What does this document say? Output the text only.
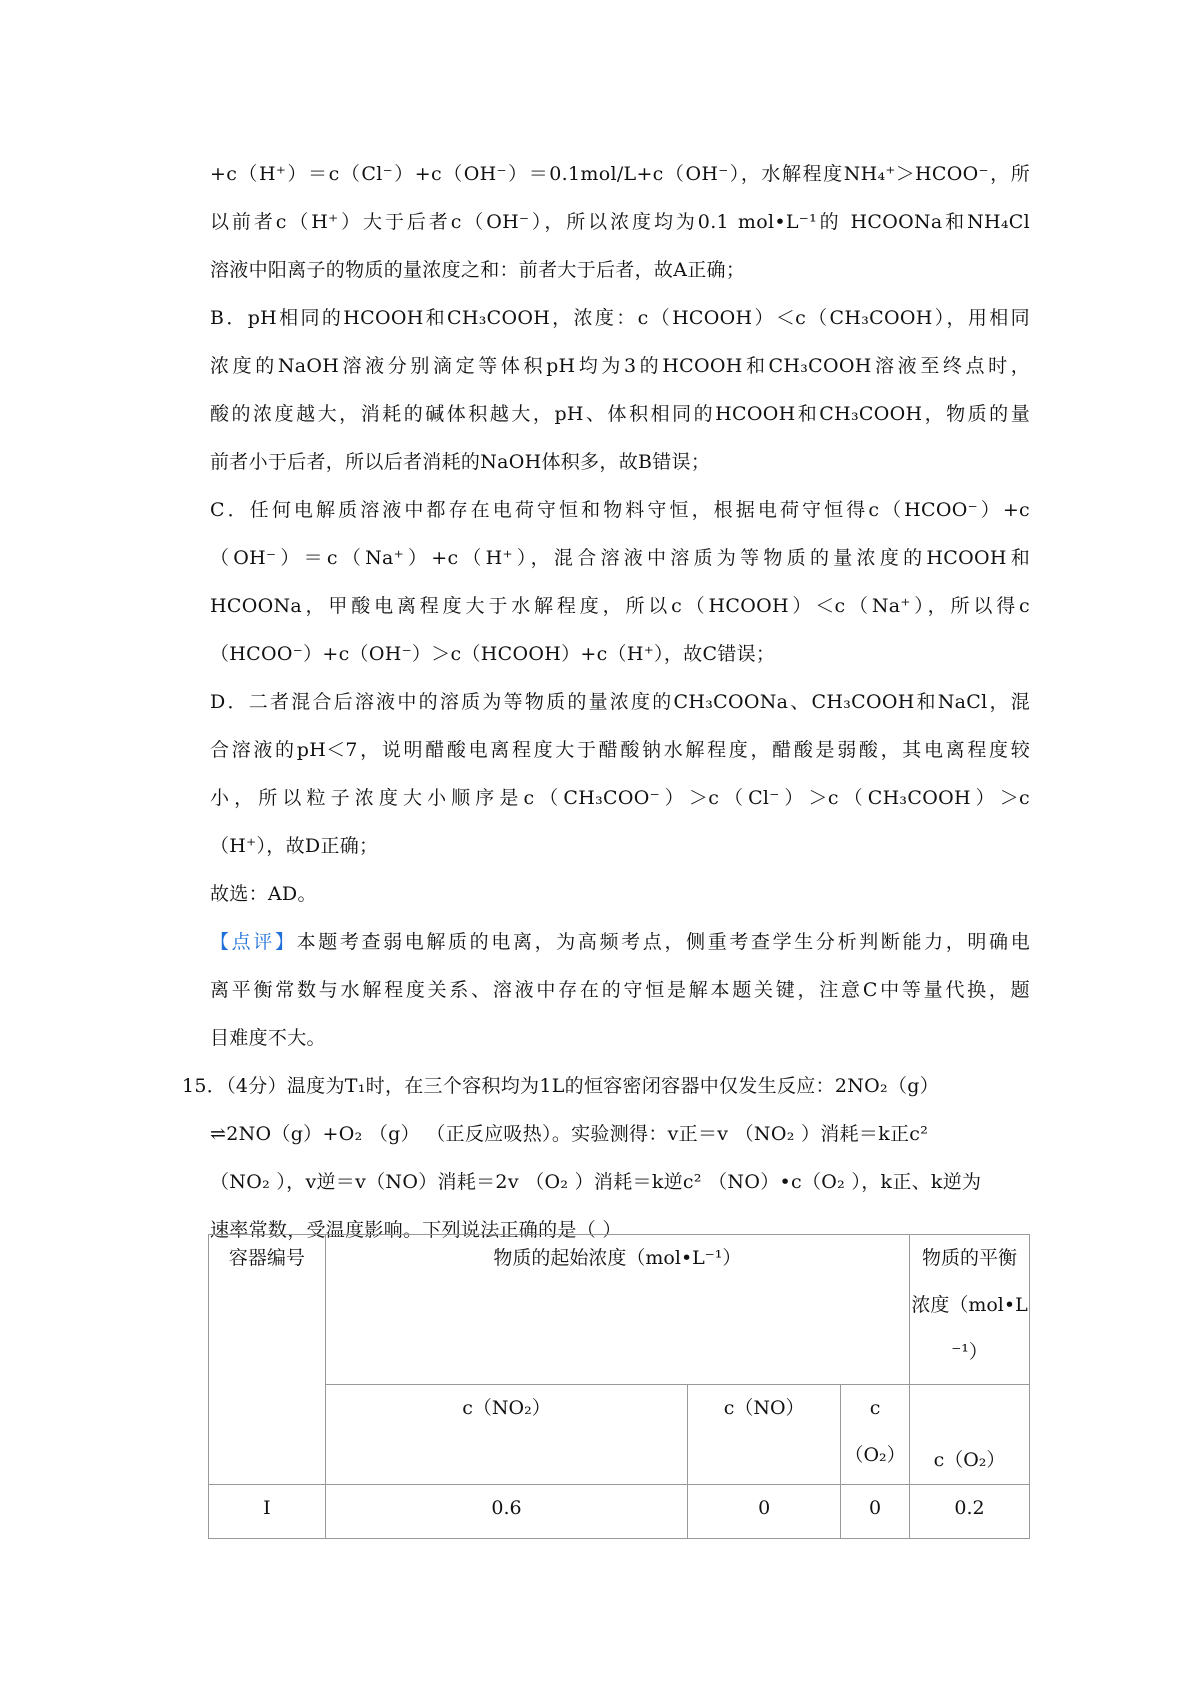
+c（H⁺）＝c（Cl⁻）+c（OH⁻）＝0.1mol/L+c（OH⁻），水解程度NH₄⁺＞HCOO⁻，所
以前者c（H⁺）大于后者c（OH⁻），所以浓度均为0.1 mol•L⁻¹的 HCOONa和NH₄Cl
溶液中阳离子的物质的量浓度之和：前者大于后者，故A正确；
B．pH相同的HCOOH和CH₃COOH，浓度：c（HCOOH）＜c（CH₃COOH），用相同
浓度的NaOH溶液分别滴定等体积pH均为3的HCOOH和CH₃COOH溶液至终点时，
酸的浓度越大，消耗的碱体积越大，pH、体积相同的HCOOH和CH₃COOH，物质的量
前者小于后者，所以后者消耗的NaOH体积多，故B错误；
C．任何电解质溶液中都存在电荷守恒和物料守恒，根据电荷守恒得c（HCOO⁻）+c
（OH⁻）＝c（Na⁺）+c（H⁺），混合溶液中溶质为等物质的量浓度的HCOOH和
HCOONa，甲酸电离程度大于水解程度，所以c（HCOOH）＜c（Na⁺），所以得c
（HCOO⁻）+c（OH⁻）＞c（HCOOH）+c（H⁺），故C错误；
D．二者混合后溶液中的溶质为等物质的量浓度的CH₃COONa、CH₃COOH和NaCl，混
合溶液的pH＜7，说明醋酸电离程度大于醋酸钠水解程度，醋酸是弱酸，其电离程度较
小，所以粒子浓度大小顺序是c（CH₃COO⁻）＞c（Cl⁻）＞c（CH₃COOH）＞c
（H⁺），故D正确；
故选：AD。
【点评】本题考查弱电解质的电离，为高频考点，侧重考查学生分析判断能力，明确电
离平衡常数与水解程度关系、溶液中存在的守恒是解本题关键，注意C中等量代换，题
目难度不大。
15．（4分）温度为T₁时，在三个容积均为1L的恒容密闭容器中仅发生反应：2NO₂（g）
⇌2NO（g）+O₂ （g） （正反应吸热）。实验测得：v正＝v （NO₂ ）消耗＝k正c²
（NO₂ ），v逆＝v（NO）消耗＝2v （O₂ ）消耗＝k逆c² （NO）•c（O₂ ），k正、k逆为
速率常数，受温度影响。下列说法正确的是（ ）
容器编号	物质的起始浓度（mol•L⁻¹）			物质的平衡
浓度（mol•L
⁻¹）

	c（NO₂）	c（NO）	c
（O₂）	c（O₂）
Ⅰ	0.6	0	0	0.2
